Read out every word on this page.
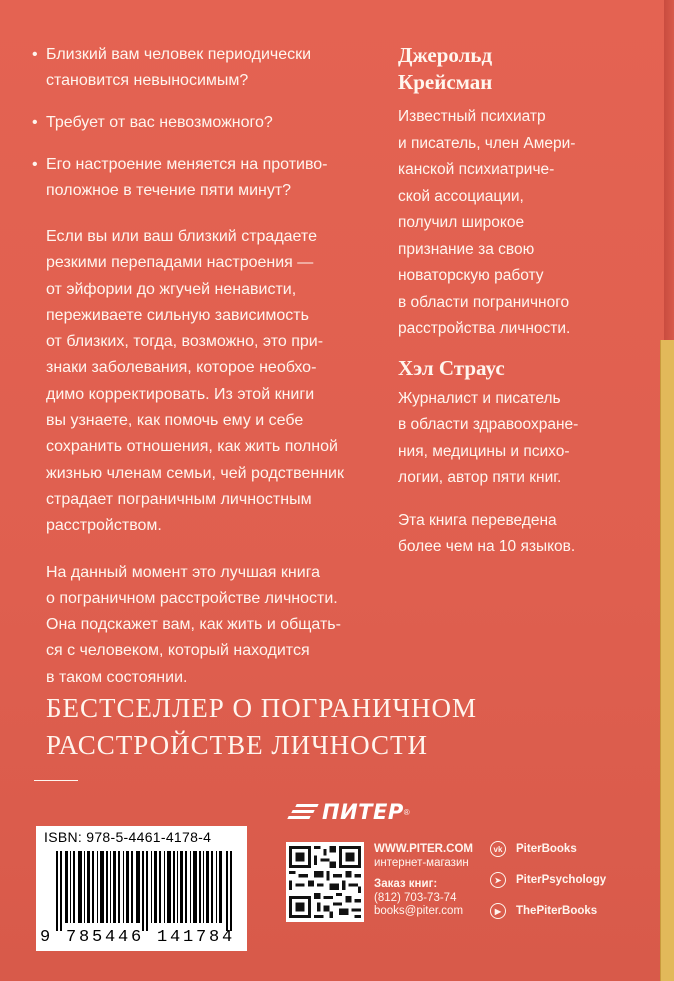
• Близкий вам человек периодически
становится невыносимым?
• Требует от вас невозможного?
• Его настроение меняется на противо-
положное в течение пяти минут?
Если вы или ваш близкий страдаете
резкими перепадами настроения —
от эйфории до жгучей ненависти,
переживаете сильную зависимость
от близких, тогда, возможно, это при-
знаки заболевания, которое необхо-
димо корректировать. Из этой книги
вы узнаете, как помочь ему и себе
сохранить отношения, как жить полной
жизнью членам семьи, чей родственник
страдает пограничным личностным
расстройством.
На данный момент это лучшая книга
о пограничном расстройстве личности.
Она подскажет вам, как жить и общать-
ся с человеком, который находится
в таком состоянии.
Джерольд
Крейсман
Известный психиатр
и писатель, член Амери-
канской психиатриче-
ской ассоциации,
получил широкое
признание за свою
новаторскую работу
в области пограничного
расстройства личности.
Хэл Страус
Журналист и писатель
в области здравоохране-
ния, медицины и психо-
логии, автор пяти книг.
Эта книга переведена
более чем на 10 языков.
БЕСТСЕЛЛЕР О ПОГРАНИЧНОМ
РАССТРОЙСТВЕ ЛИЧНОСТИ
ISBN: 978-5-4461-4178-4
9 785446 141784
ПИТЕР ®
WWW.PITER.COM
интернет-магазин
Заказ книг:
(812) 703-73-74
books@piter.com
vk	PiterBooks
➤	PiterPsychology
▶	ThePiterBooks
